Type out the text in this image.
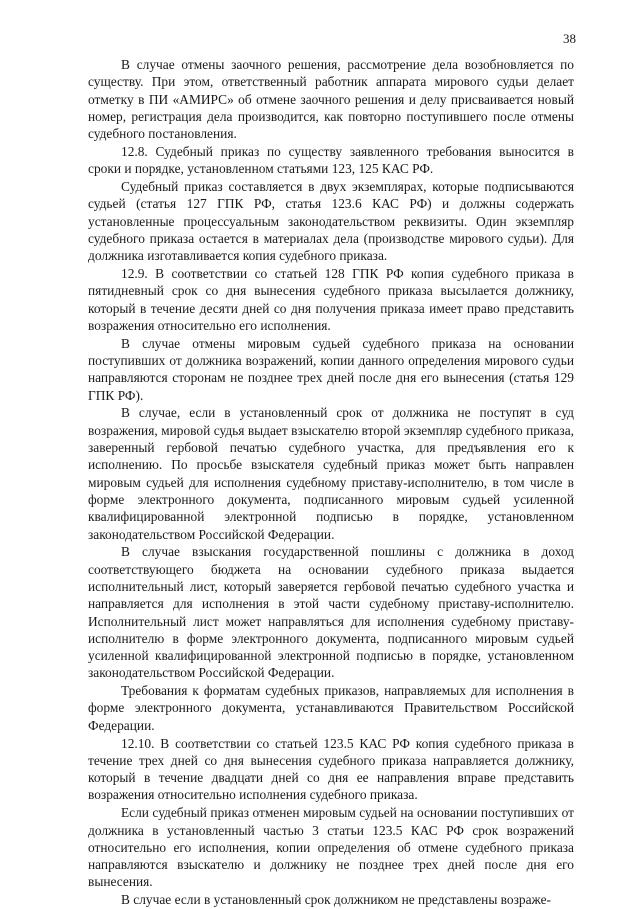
38

В случае отмены заочного решения, рассмотрение дела возобновляется по существу. При этом, ответственный работник аппарата мирового судьи делает отметку в ПИ «АМИРС» об отмене заочного решения и делу присваивается новый номер, регистрация дела производится, как повторно поступившего после отмены судебного постановления.

12.8. Судебный приказ по существу заявленного требования выносится в сроки и порядке, установленном статьями 123, 125 КАС РФ.

Судебный приказ составляется в двух экземплярах, которые подписываются судьей (статья 127 ГПК РФ, статья 123.6 КАС РФ) и должны содержать установленные процессуальным законодательством реквизиты. Один экземпляр судебного приказа остается в материалах дела (производстве мирового судьи). Для должника изготавливается копия судебного приказа.

12.9. В соответствии со статьей 128 ГПК РФ копия судебного приказа в пятидневный срок со дня вынесения судебного приказа высылается должнику, который в течение десяти дней со дня получения приказа имеет право представить возражения относительно его исполнения.

В случае отмены мировым судьей судебного приказа на основании поступивших от должника возражений, копии данного определения мирового судьи направляются сторонам не позднее трех дней после дня его вынесения (статья 129 ГПК РФ).

В случае, если в установленный срок от должника не поступят в суд возражения, мировой судья выдает взыскателю второй экземпляр судебного приказа, заверенный гербовой печатью судебного участка, для предъявления его к исполнению. По просьбе взыскателя судебный приказ может быть направлен мировым судьей для исполнения судебному приставу-исполнителю, в том числе в форме электронного документа, подписанного мировым судьей усиленной квалифицированной электронной подписью в порядке, установленном законодательством Российской Федерации.

В случае взыскания государственной пошлины с должника в доход соответствующего бюджета на основании судебного приказа выдается исполнительный лист, который заверяется гербовой печатью судебного участка и направляется для исполнения в этой части судебному приставу-исполнителю. Исполнительный лист может направляться для исполнения судебному приставу-исполнителю в форме электронного документа, подписанного мировым судьей усиленной квалифицированной электронной подписью в порядке, установленном законодательством Российской Федерации.

Требования к форматам судебных приказов, направляемых для исполнения в форме электронного документа, устанавливаются Правительством Российской Федерации.

12.10. В соответствии со статьей 123.5 КАС РФ копия судебного приказа в течение трех дней со дня вынесения судебного приказа направляется должнику, который в течение двадцати дней со дня ее направления вправе представить возражения относительно исполнения судебного приказа.

Если судебный приказ отменен мировым судьей на основании поступивших от должника в установленный частью 3 статьи 123.5 КАС РФ срок возражений относительно его исполнения, копии определения об отмене судебного приказа направляются взыскателю и должнику не позднее трех дней после дня его вынесения.

В случае если в установленный срок должником не представлены возраже-
